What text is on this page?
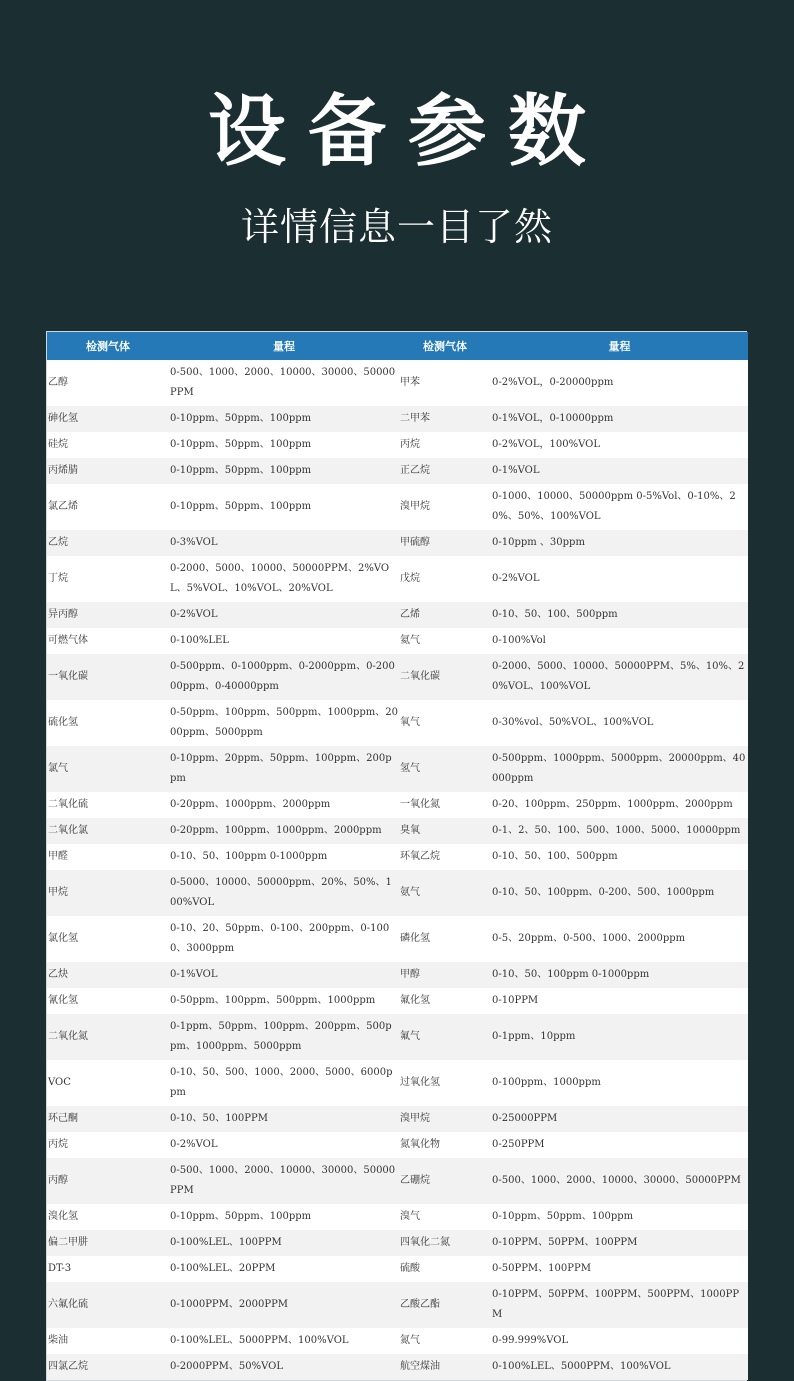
设备参数
详情信息一目了然
检测气体	量程	检测气体	量程
乙醇	0-500、1000、2000、10000、30000、50000PPM	甲苯	0-2%VOL，0-20000ppm
砷化氢	0-10ppm、50ppm、100ppm	二甲苯	0-1%VOL，0-10000ppm
硅烷	0-10ppm、50ppm、100ppm	丙烷	0-2%VOL，100%VOL
丙烯腈	0-10ppm、50ppm、100ppm	正乙烷	0-1%VOL
氯乙烯	0-10ppm、50ppm、100ppm	溴甲烷	0-1000、10000、50000ppm 0-5%Vol、0-10%、20%、50%、100%VOL
乙烷	0-3%VOL	甲硫醇	0-10ppm 、30ppm
丁烷	0-2000、5000、10000、50000PPM、2%VOL、5%VOL、10%VOL、20%VOL	戊烷	0-2%VOL
异丙醇	0-2%VOL	乙烯	0-10、50、100、500ppm
可燃气体	0-100%LEL	氦气	0-100%Vol
一氧化碳	0-500ppm、0-1000ppm、0-2000ppm、0-20000ppm、0-40000ppm	二氧化碳	0-2000、5000、10000、50000PPM、5%、10%、20%VOL、100%VOL
硫化氢	0-50ppm、100ppm、500ppm、1000ppm、2000ppm、5000ppm	氧气	0-30%vol、50%VOL、100%VOL
氯气	0-10ppm、20ppm、50ppm、100ppm、200ppm	氢气	0-500ppm、1000ppm、5000ppm、20000ppm、40000ppm
二氧化硫	0-20ppm、1000ppm、2000ppm	一氧化氮	0-20、100ppm、250ppm、1000ppm、2000ppm
二氧化氯	0-20ppm、100ppm、1000ppm、2000ppm	臭氧	0-1、2、50、100、500、1000、5000、10000ppm
甲醛	0-10、50、100ppm 0-1000ppm	环氧乙烷	0-10、50、100、500ppm
甲烷	0-5000、10000、50000ppm、20%、50%、100%VOL	氨气	0-10、50、100ppm、0-200、500、1000ppm
氯化氢	0-10、20、50ppm、0-100、200ppm、0-1000、3000ppm	磷化氢	0-5、20ppm、0-500、1000、2000ppm
乙炔	0-1%VOL	甲醇	0-10、50、100ppm 0-1000ppm
氰化氢	0-50ppm、100ppm、500ppm、1000ppm	氟化氢	0-10PPM
二氧化氮	0-1ppm、50ppm、100ppm、200ppm、500ppm、1000ppm、5000ppm	氟气	0-1ppm、10ppm
VOC	0-10、50、500、1000、2000、5000、6000ppm	过氧化氢	0-100ppm、1000ppm
环己酮	0-10、50、100PPM	溴甲烷	0-25000PPM
丙烷	0-2%VOL	氮氧化物	0-250PPM
丙醇	0-500、1000、2000、10000、30000、50000PPM	乙硼烷	0-500、1000、2000、10000、30000、50000PPM
溴化氢	0-10ppm、50ppm、100ppm	溴气	0-10ppm、50ppm、100ppm
偏二甲肼	0-100%LEL、100PPM	四氧化二氮	0-10PPM、50PPM、100PPM
DT-3	0-100%LEL、20PPM	硫酸	0-50PPM、100PPM
六氟化硫	0-1000PPM、2000PPM	乙酸乙酯	0-10PPM、50PPM、100PPM、500PPM、1000PPM
柴油	0-100%LEL、5000PPM、100%VOL	氮气	0-99.999%VOL
四氯乙烷	0-2000PPM、50%VOL	航空煤油	0-100%LEL、5000PPM、100%VOL
